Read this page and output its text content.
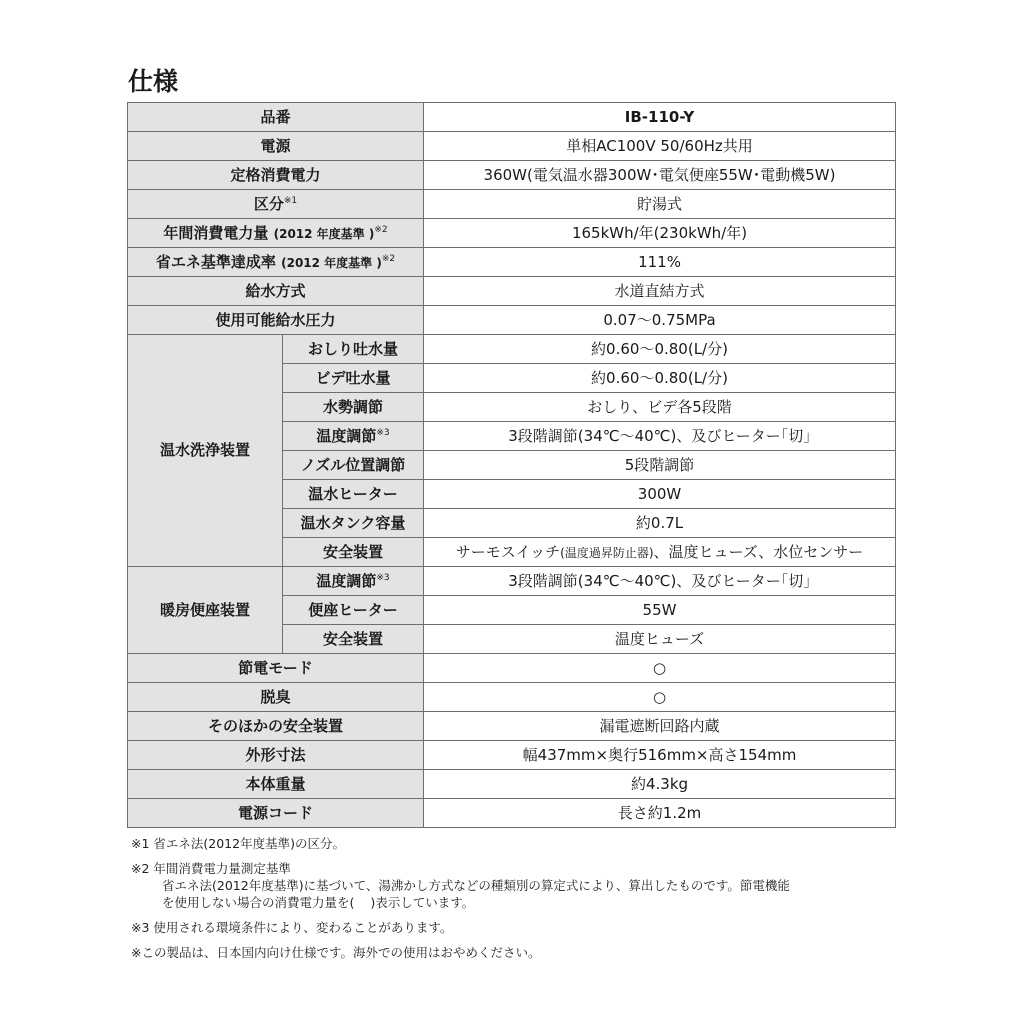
仕様
品番		IB-110-Y
電源		単相AC100V 50/60Hz共用
定格消費電力		360W(電気温水器300W･電気便座55W･電動機5W)
区分$^{※1}$		貯湯式
年間消費電力量 (2012 年度基準 )$^{※2}$		165kWh/年(230kWh/年)
省エネ基準達成率 (2012 年度基準 )$^{※2}$		111%
給水方式		水道直結方式
使用可能給水圧力		0.07～0.75MPa
温水洗浄装置	おしり吐水量	約0.60～0.80(L/分)
	ビデ吐水量	約0.60～0.80(L/分)
	水勢調節	おしり、ビデ各5段階
	温度調節$^{※3}$	3段階調節(34℃～40℃)、及びヒーター｢切｣
	ノズル位置調節	5段階調節
	温水ヒーター	300W
	温水タンク容量	約0.7L
	安全装置	サーモスイッチ(温度過昇防止器)、温度ヒューズ、水位センサー
暖房便座装置	温度調節$^{※3}$	3段階調節(34℃～40℃)、及びヒーター｢切｣
	便座ヒーター	55W
	安全装置	温度ヒューズ
節電モード		○
脱臭		○
そのほかの安全装置		漏電遮断回路内蔵
外形寸法		幅437mm×奥行516mm×高さ154mm
本体重量		約4.3kg
電源コード		長さ約1.2m
※1 省エネ法(2012年度基準)の区分。
※2 年間消費電力量測定基準
省エネ法(2012年度基準)に基づいて、湯沸かし方式などの種類別の算定式により、算出したものです。節電機能
を使用しない場合の消費電力量を( )表示しています。
※3 使用される環境条件により、変わることがあります。
※この製品は、日本国内向け仕様です。海外での使用はおやめください。
